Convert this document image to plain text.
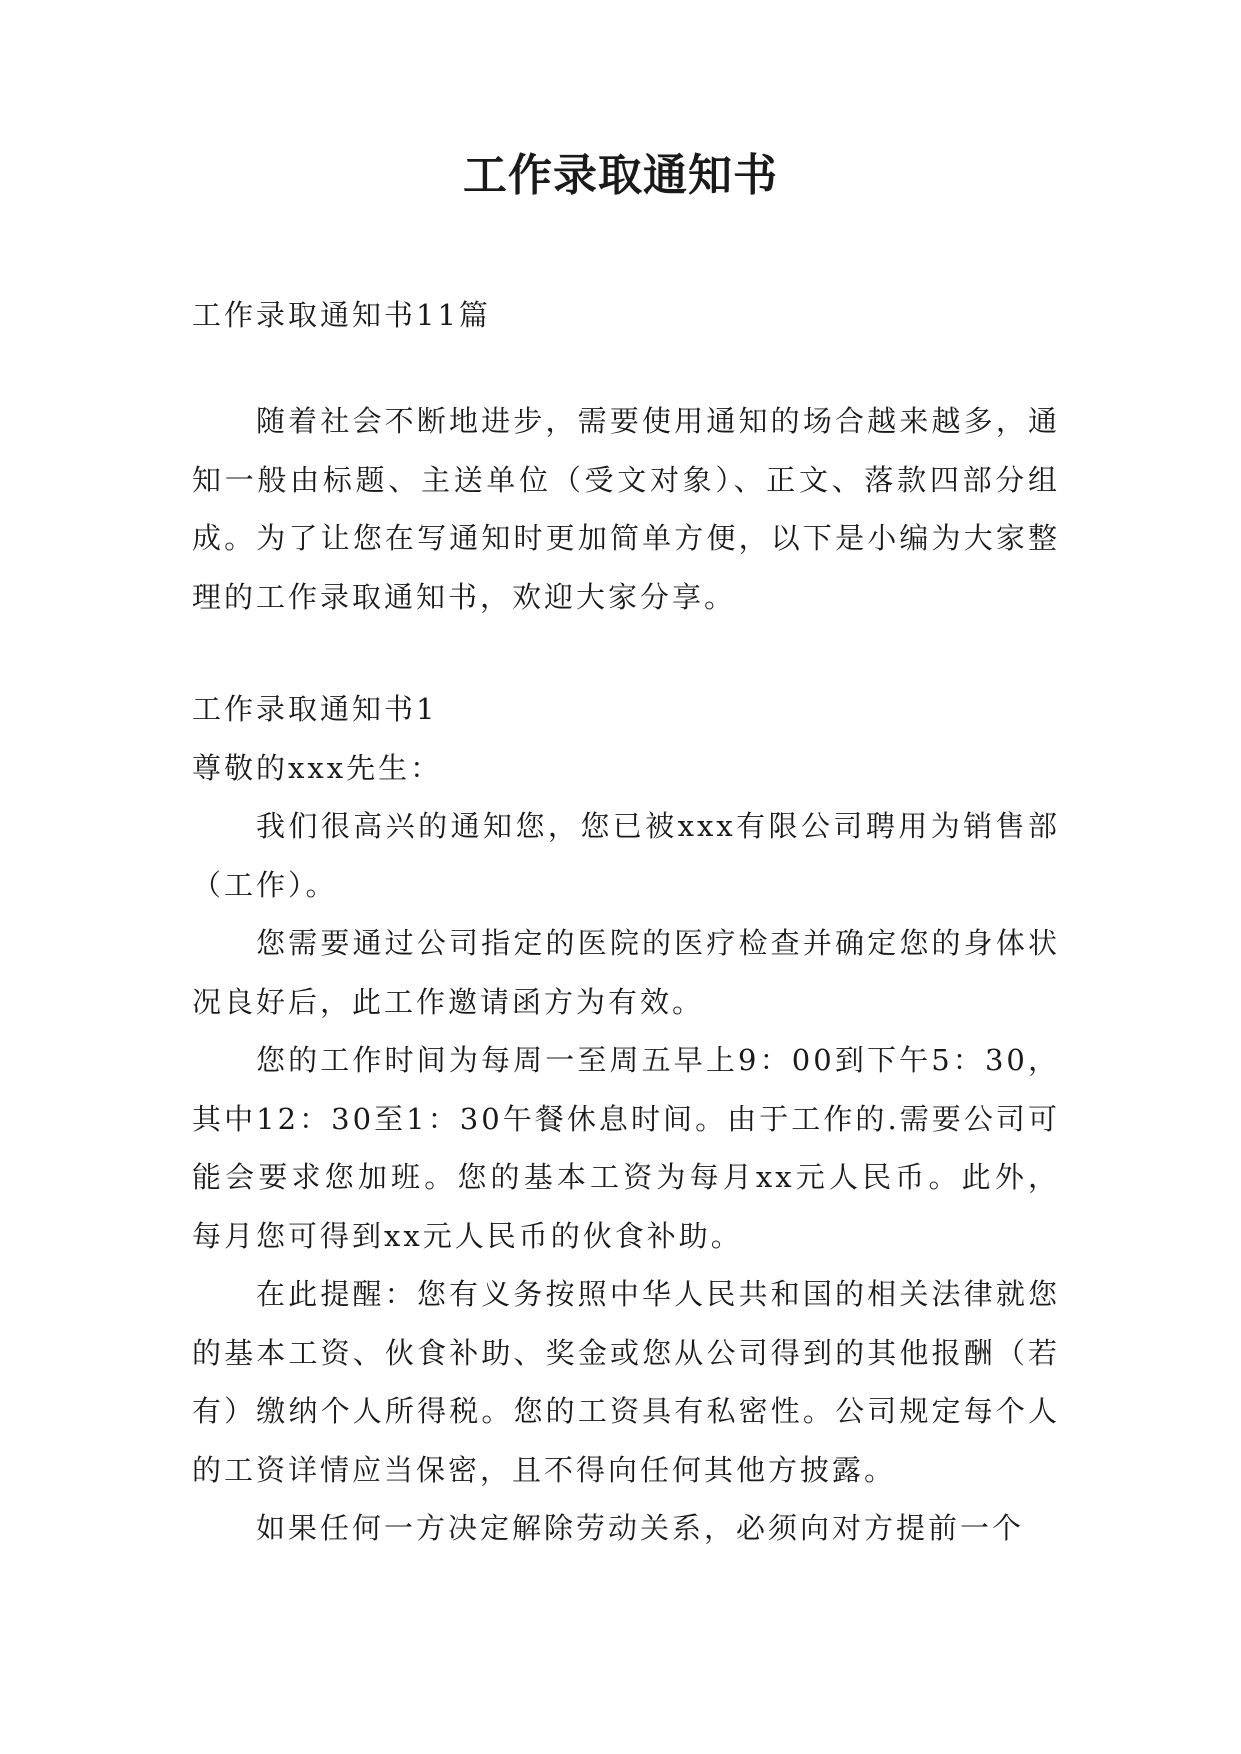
工作录取通知书

工作录取通知书11篇

随着社会不断地进步，需要使用通知的场合越来越多，通知一般由标题、主送单位（受文对象）、正文、落款四部分组成。为了让您在写通知时更加简单方便，以下是小编为大家整理的工作录取通知书，欢迎大家分享。

工作录取通知书1

尊敬的xxx先生：

我们很高兴的通知您，您已被xxx有限公司聘用为销售部（工作）。

您需要通过公司指定的医院的医疗检查并确定您的身体状况良好后，此工作邀请函方为有效。

您的工作时间为每周一至周五早上9：00到下午5：30，其中12：30至1：30午餐休息时间。由于工作的.需要公司可能会要求您加班。您的基本工资为每月xx元人民币。此外，每月您可得到xx元人民币的伙食补助。

在此提醒：您有义务按照中华人民共和国的相关法律就您的基本工资、伙食补助、奖金或您从公司得到的其他报酬（若有）缴纳个人所得税。您的工资具有私密性。公司规定每个人的工资详情应当保密，且不得向任何其他方披露。

如果任何一方决定解除劳动关系，必须向对方提前一个
